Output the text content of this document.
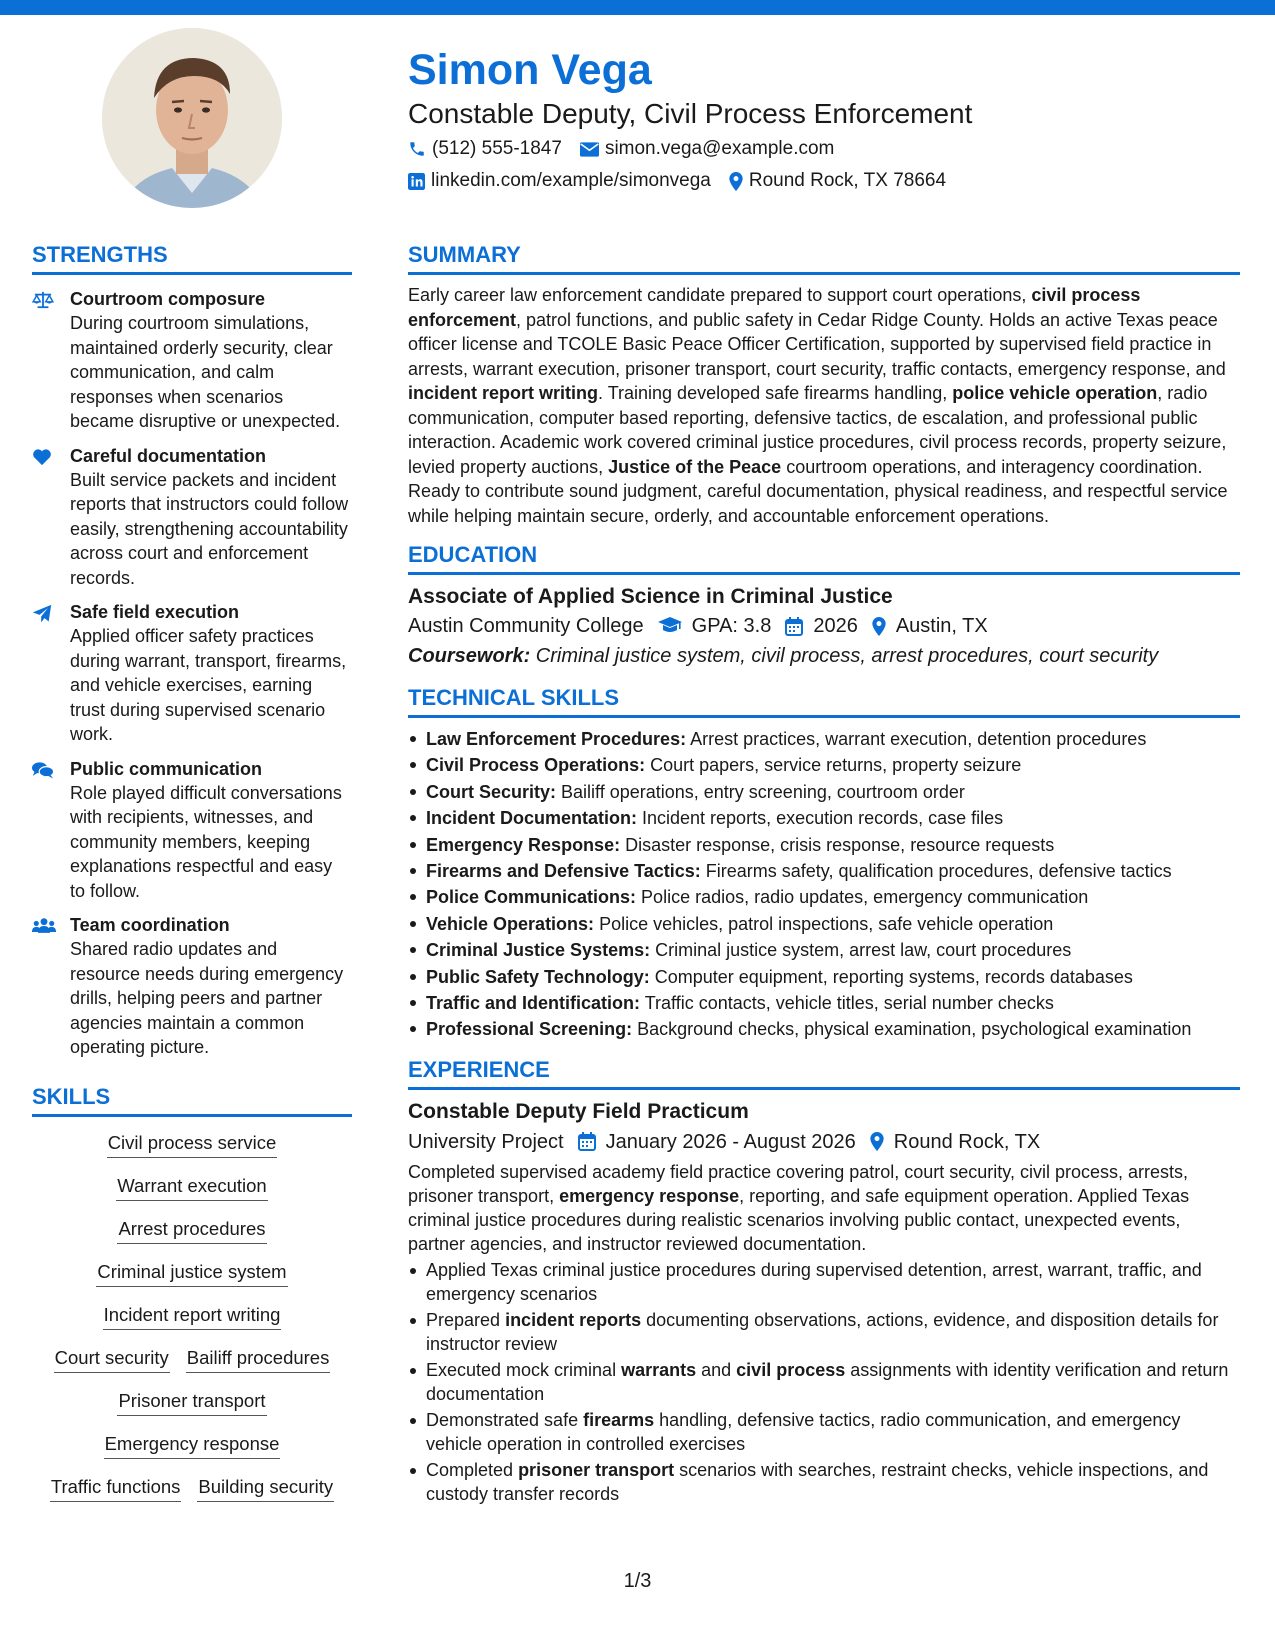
Simon Vega
Constable Deputy, Civil Process Enforcement
(512) 555-1847 simon.vega@example.com
linkedin.com/example/simonvega Round Rock, TX 78664
STRENGTHS
Courtroom composure
During courtroom simulations, maintained orderly security, clear communication, and calm responses when scenarios became disruptive or unexpected.
Careful documentation
Built service packets and incident reports that instructors could follow easily, strengthening accountability across court and enforcement records.
Safe field execution
Applied officer safety practices during warrant, transport, firearms, and vehicle exercises, earning trust during supervised scenario work.
Public communication
Role played difficult conversations with recipients, witnesses, and community members, keeping explanations respectful and easy to follow.
Team coordination
Shared radio updates and resource needs during emergency drills, helping peers and partner agencies maintain a common operating picture.
SKILLS
Civil process service
Warrant execution
Arrest procedures
Criminal justice system
Incident report writing
Court security Bailiff procedures
Prisoner transport
Emergency response
Traffic functions Building security
SUMMARY
Early career law enforcement candidate prepared to support court operations, civil process enforcement, patrol functions, and public safety in Cedar Ridge County. Holds an active Texas peace officer license and TCOLE Basic Peace Officer Certification, supported by supervised field practice in arrests, warrant execution, prisoner transport, court security, traffic contacts, emergency response, and incident report writing. Training developed safe firearms handling, police vehicle operation, radio communication, computer based reporting, defensive tactics, de escalation, and professional public interaction. Academic work covered criminal justice procedures, civil process records, property seizure, levied property auctions, Justice of the Peace courtroom operations, and interagency coordination. Ready to contribute sound judgment, careful documentation, physical readiness, and respectful service while helping maintain secure, orderly, and accountable enforcement operations.
EDUCATION
Associate of Applied Science in Criminal Justice
Austin Community College GPA: 3.8 2026 Austin, TX
Coursework: Criminal justice system, civil process, arrest procedures, court security
TECHNICAL SKILLS
Law Enforcement Procedures: Arrest practices, warrant execution, detention procedures
Civil Process Operations: Court papers, service returns, property seizure
Court Security: Bailiff operations, entry screening, courtroom order
Incident Documentation: Incident reports, execution records, case files
Emergency Response: Disaster response, crisis response, resource requests
Firearms and Defensive Tactics: Firearms safety, qualification procedures, defensive tactics
Police Communications: Police radios, radio updates, emergency communication
Vehicle Operations: Police vehicles, patrol inspections, safe vehicle operation
Criminal Justice Systems: Criminal justice system, arrest law, court procedures
Public Safety Technology: Computer equipment, reporting systems, records databases
Traffic and Identification: Traffic contacts, vehicle titles, serial number checks
Professional Screening: Background checks, physical examination, psychological examination
EXPERIENCE
Constable Deputy Field Practicum
University Project January 2026 - August 2026 Round Rock, TX
Completed supervised academy field practice covering patrol, court security, civil process, arrests, prisoner transport, emergency response, reporting, and safe equipment operation. Applied Texas criminal justice procedures during realistic scenarios involving public contact, unexpected events, partner agencies, and instructor reviewed documentation.
Applied Texas criminal justice procedures during supervised detention, arrest, warrant, traffic, and emergency scenarios
Prepared incident reports documenting observations, actions, evidence, and disposition details for instructor review
Executed mock criminal warrants and civil process assignments with identity verification and return documentation
Demonstrated safe firearms handling, defensive tactics, radio communication, and emergency vehicle operation in controlled exercises
Completed prisoner transport scenarios with searches, restraint checks, vehicle inspections, and custody transfer records
1/3
